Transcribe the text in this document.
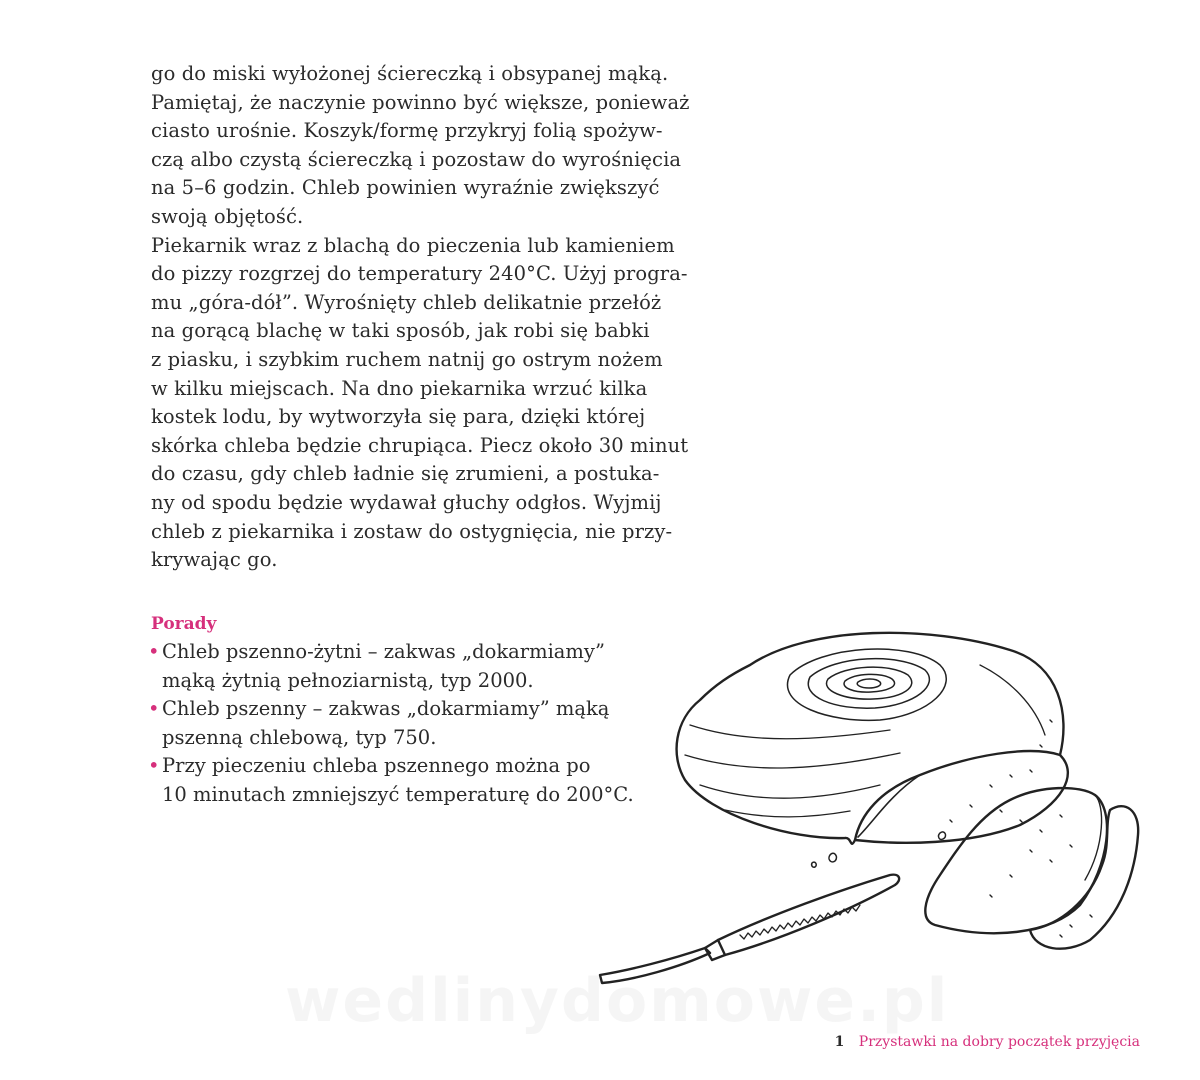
go do miski wyłożonej ściereczką i obsypanej mąką.
Pamiętaj, że naczynie powinno być większe, ponieważ
ciasto urośnie. Koszyk/formę przykryj folią spożyw-
czą albo czystą ściereczką i pozostaw do wyrośnięcia
na 5–6 godzin. Chleb powinien wyraźnie zwiększyć
swoją objętość.

Piekarnik wraz z blachą do pieczenia lub kamieniem
do pizzy rozgrzej do temperatury 240°C. Użyj progra-
mu „góra-dół”. Wyrośnięty chleb delikatnie przełóż
na gorącą blachę w taki sposób, jak robi się babki
z piasku, i szybkim ruchem natnij go ostrym nożem
w kilku miejscach. Na dno piekarnika wrzuć kilka
kostek lodu, by wytworzyła się para, dzięki której
skórka chleba będzie chrupiąca. Piecz około 30 minut
do czasu, gdy chleb ładnie się zrumieni, a postuka-
ny od spodu będzie wydawał głuchy odgłos. Wyjmij
chleb z piekarnika i zostaw do ostygnięcia, nie przy-
krywając go.

Porady

• Chleb pszenno-żytni – zakwas „dokarmiamy”
mąką żytnią pełnoziarnistą, typ 2000.
• Chleb pszenny – zakwas „dokarmiamy” mąką
pszenną chlebową, typ 750.
• Przy pieczeniu chleba pszennego można po
10 minutach zmniejszyć temperaturę do 200°C.
wedlinydomowe.pl
1 Przystawki na dobry początek przyjęcia
